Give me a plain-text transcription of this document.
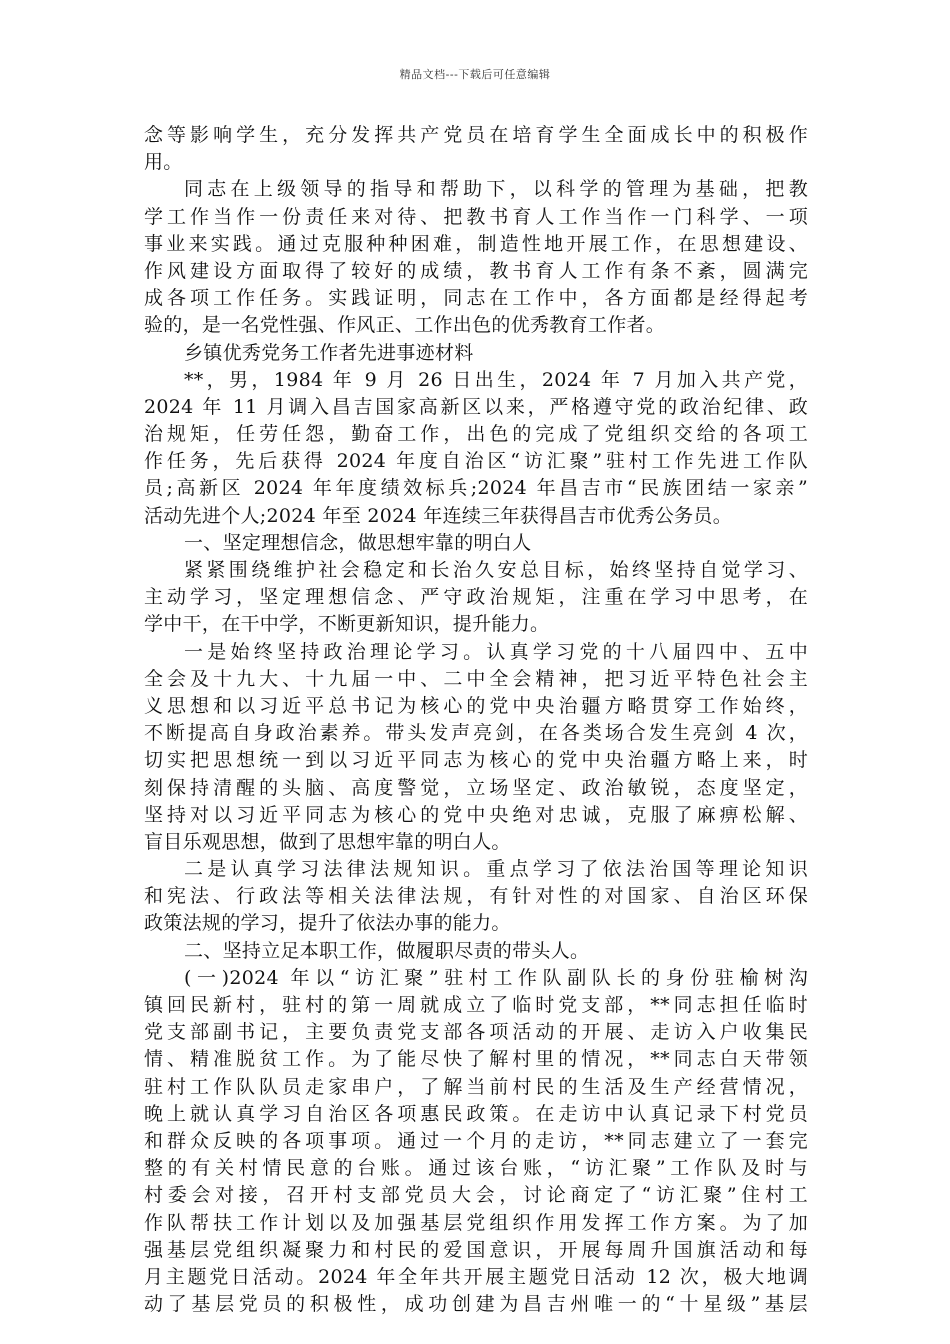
精品文档---下载后可任意编辑
念等影响学生，充分发挥共产党员在培育学生全面成长中的积极作
用。
同志在上级领导的指导和帮助下，以科学的管理为基础，把教
学工作当作一份责任来对待、把教书育人工作当作一门科学、一项
事业来实践。通过克服种种困难，制造性地开展工作，在思想建设、
作风建设方面取得了较好的成绩，教书育人工作有条不紊，圆满完
成各项工作任务。实践证明，同志在工作中，各方面都是经得起考
验的，是一名党性强、作风正、工作出色的优秀教育工作者。
乡镇优秀党务工作者先进事迹材料
**，男，1984 年 9 月 26 日出生，2024 年 7 月加入共产党，
2024 年 11 月调入昌吉国家高新区以来，严格遵守党的政治纪律、政
治规矩，任劳任怨，勤奋工作，出色的完成了党组织交给的各项工
作任务，先后获得 2024 年度自治区“访汇聚”驻村工作先进工作队
员;高新区 2024 年年度绩效标兵;2024 年昌吉市“民族团结一家亲”
活动先进个人;2024 年至 2024 年连续三年获得昌吉市优秀公务员。
一、坚定理想信念，做思想牢靠的明白人
紧紧围绕维护社会稳定和长治久安总目标，始终坚持自觉学习、
主动学习，坚定理想信念、严守政治规矩，注重在学习中思考，在
学中干，在干中学，不断更新知识，提升能力。
一是始终坚持政治理论学习。认真学习党的十八届四中、五中
全会及十九大、十九届一中、二中全会精神，把习近平特色社会主
义思想和以习近平总书记为核心的党中央治疆方略贯穿工作始终，
不断提高自身政治素养。带头发声亮剑，在各类场合发生亮剑 4 次，
切实把思想统一到以习近平同志为核心的党中央治疆方略上来，时
刻保持清醒的头脑、高度警觉，立场坚定、政治敏锐，态度坚定，
坚持对以习近平同志为核心的党中央绝对忠诚，克服了麻痹松解、
盲目乐观思想，做到了思想牢靠的明白人。
二是认真学习法律法规知识。重点学习了依法治国等理论知识
和宪法、行政法等相关法律法规，有针对性的对国家、自治区环保
政策法规的学习，提升了依法办事的能力。
二、坚持立足本职工作，做履职尽责的带头人。
(一)2024 年以“访汇聚”驻村工作队副队长的身份驻榆树沟
镇回民新村，驻村的第一周就成立了临时党支部，**同志担任临时
党支部副书记，主要负责党支部各项活动的开展、走访入户收集民
情、精准脱贫工作。为了能尽快了解村里的情况，**同志白天带领
驻村工作队队员走家串户，了解当前村民的生活及生产经营情况，
晚上就认真学习自治区各项惠民政策。在走访中认真记录下村党员
和群众反映的各项事项。通过一个月的走访，**同志建立了一套完
整的有关村情民意的台账。通过该台账，“访汇聚”工作队及时与
村委会对接，召开村支部党员大会，讨论商定了“访汇聚”住村工
作队帮扶工作计划以及加强基层党组织作用发挥工作方案。为了加
强基层党组织凝聚力和村民的爱国意识，开展每周升国旗活动和每
月主题党日活动。2024 年全年共开展主题党日活动 12 次，极大地调
动了基层党员的积极性，成功创建为昌吉州唯一的“十星级”基层
